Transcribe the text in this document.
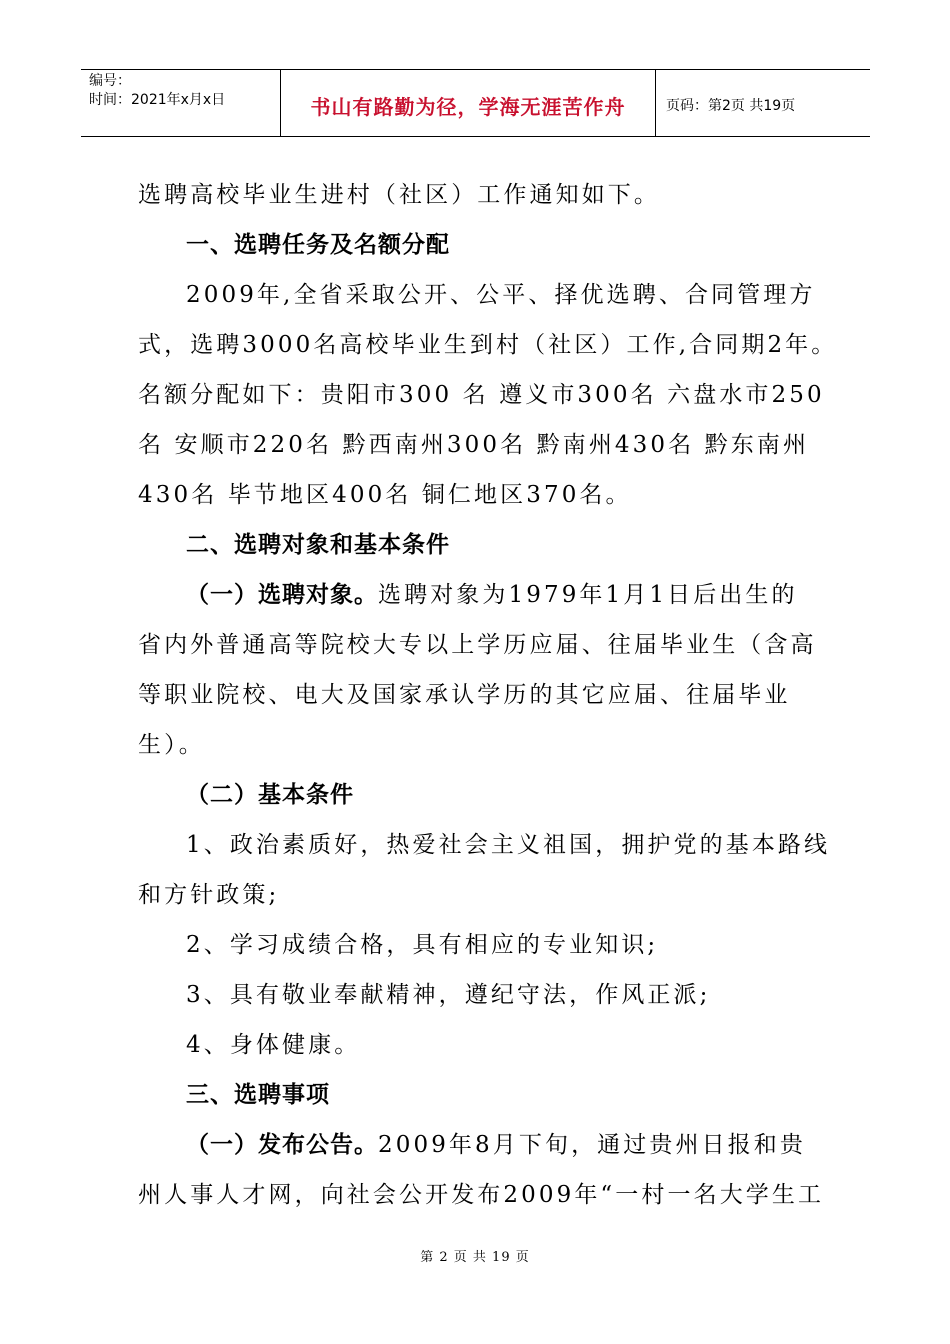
编号：
时间：2021年x月x日	书山有路勤为径，学海无涯苦作舟	页码：第2页 共19页
选聘高校毕业生进村（社区）工作通知如下。
一、选聘任务及名额分配
2009年,全省采取公开、公平、择优选聘、合同管理方
式，选聘3000名高校毕业生到村（社区）工作,合同期2年。
名额分配如下：贵阳市300 名 遵义市300名 六盘水市250
名 安顺市220名 黔西南州300名 黔南州430名 黔东南州
430名 毕节地区400名 铜仁地区370名。
二、选聘对象和基本条件
（一）选聘对象。选聘对象为1979年1月1日后出生的
省内外普通高等院校大专以上学历应届、往届毕业生（含高
等职业院校、电大及国家承认学历的其它应届、往届毕业
生）。
（二）基本条件
1、政治素质好，热爱社会主义祖国，拥护党的基本路线
和方针政策;
2、学习成绩合格，具有相应的专业知识;
3、具有敬业奉献精神，遵纪守法，作风正派;
4、身体健康。
三、选聘事项
（一）发布公告。2009年8月下旬，通过贵州日报和贵
州人事人才网，向社会公开发布2009年“一村一名大学生工
第 2 页 共 19 页
